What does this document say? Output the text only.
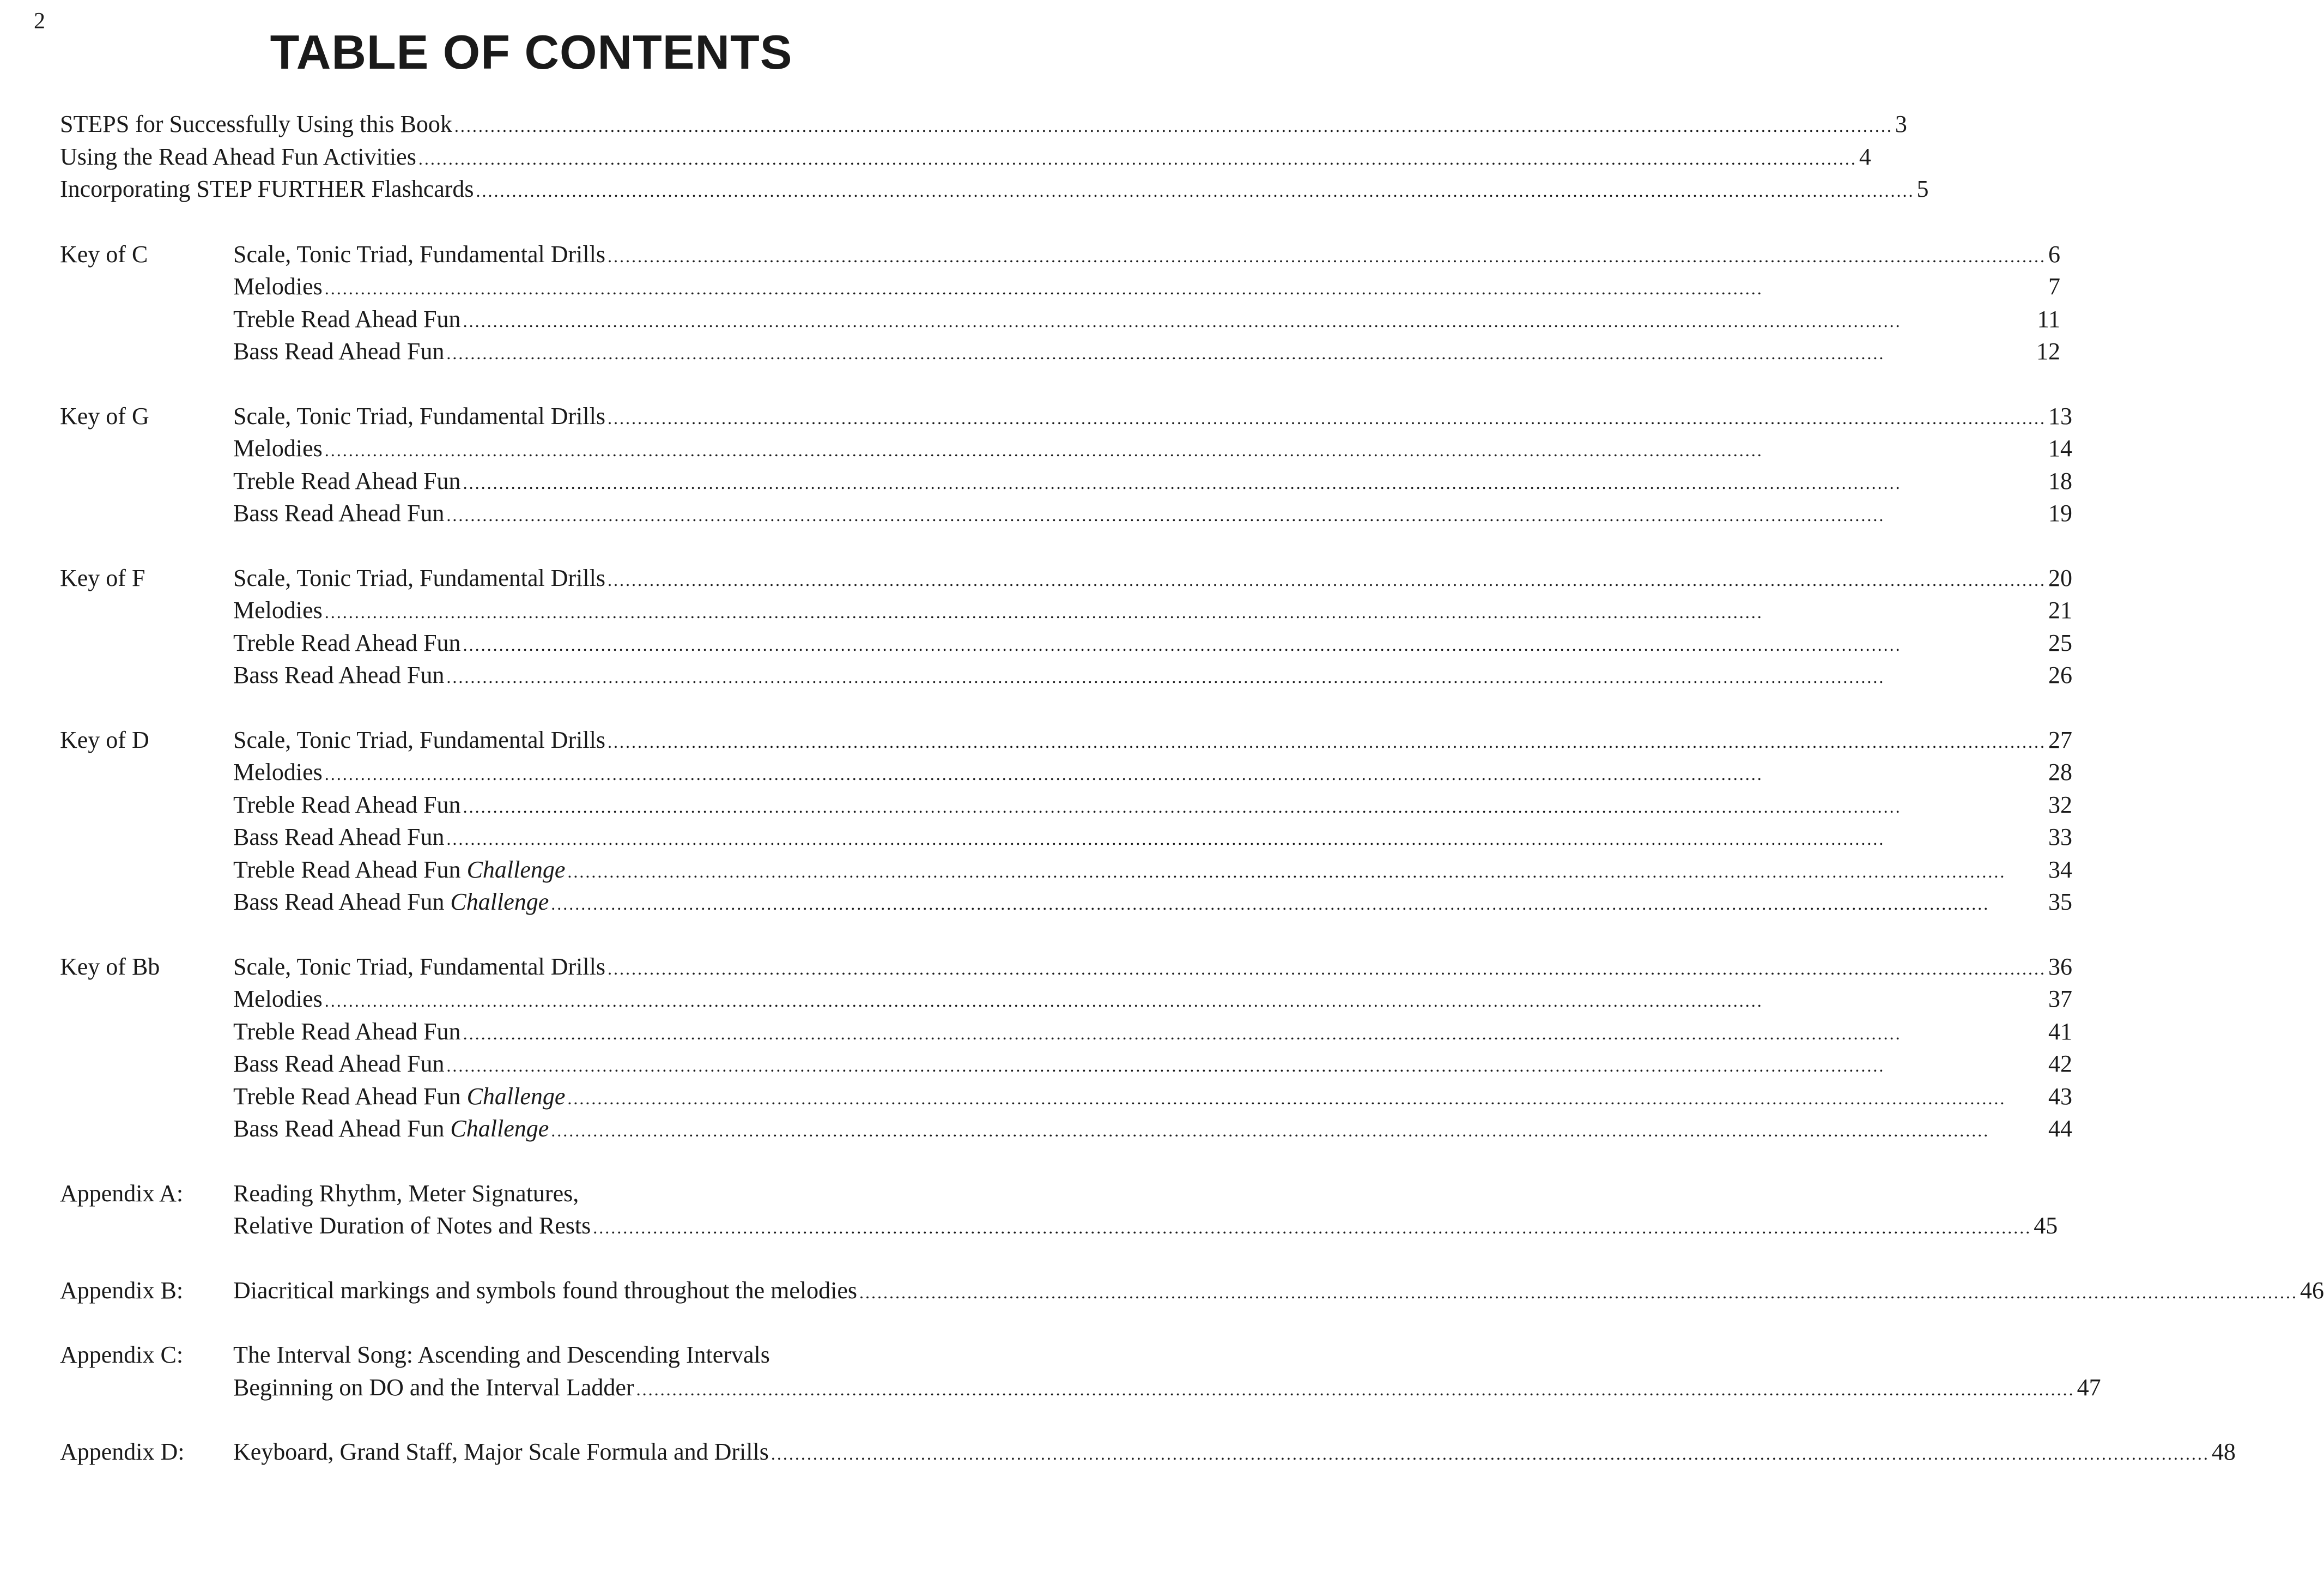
2
TABLE OF CONTENTS
STEPS for Successfully Using this Book .....	3
Using the Read Ahead Fun Activities .....	4
Incorporating STEP FURTHER Flashcards .....	5
Key of C	Scale, Tonic Triad, Fundamental Drills .....	6
Melodies .....	7
Treble Read Ahead Fun .....	11
Bass Read Ahead Fun .....	12
Key of G	Scale, Tonic Triad, Fundamental Drills .....	13
Melodies .....	14
Treble Read Ahead Fun .....	18
Bass Read Ahead Fun .....	19
Key of F	Scale, Tonic Triad, Fundamental Drills .....	20
Melodies .....	21
Treble Read Ahead Fun .....	25
Bass Read Ahead Fun .....	26
Key of D	Scale, Tonic Triad, Fundamental Drills .....	27
Melodies .....	28
Treble Read Ahead Fun .....	32
Bass Read Ahead Fun .....	33
Treble Read Ahead Fun Challenge .....	34
Bass Read Ahead Fun Challenge .....	35
Key of Bb	Scale, Tonic Triad, Fundamental Drills .....	36
Melodies .....	37
Treble Read Ahead Fun .....	41
Bass Read Ahead Fun .....	42
Treble Read Ahead Fun Challenge .....	43
Bass Read Ahead Fun Challenge .....	44
Appendix A:	Reading Rhythm, Meter Signatures,
Relative Duration of Notes and Rests .....	45
Appendix B:	Diacritical markings and symbols found throughout the melodies .....	46
Appendix C:	The Interval Song: Ascending and Descending Intervals
Beginning on DO and the Interval Ladder .....	47
Appendix D:	Keyboard, Grand Staff, Major Scale Formula and Drills .....	48
